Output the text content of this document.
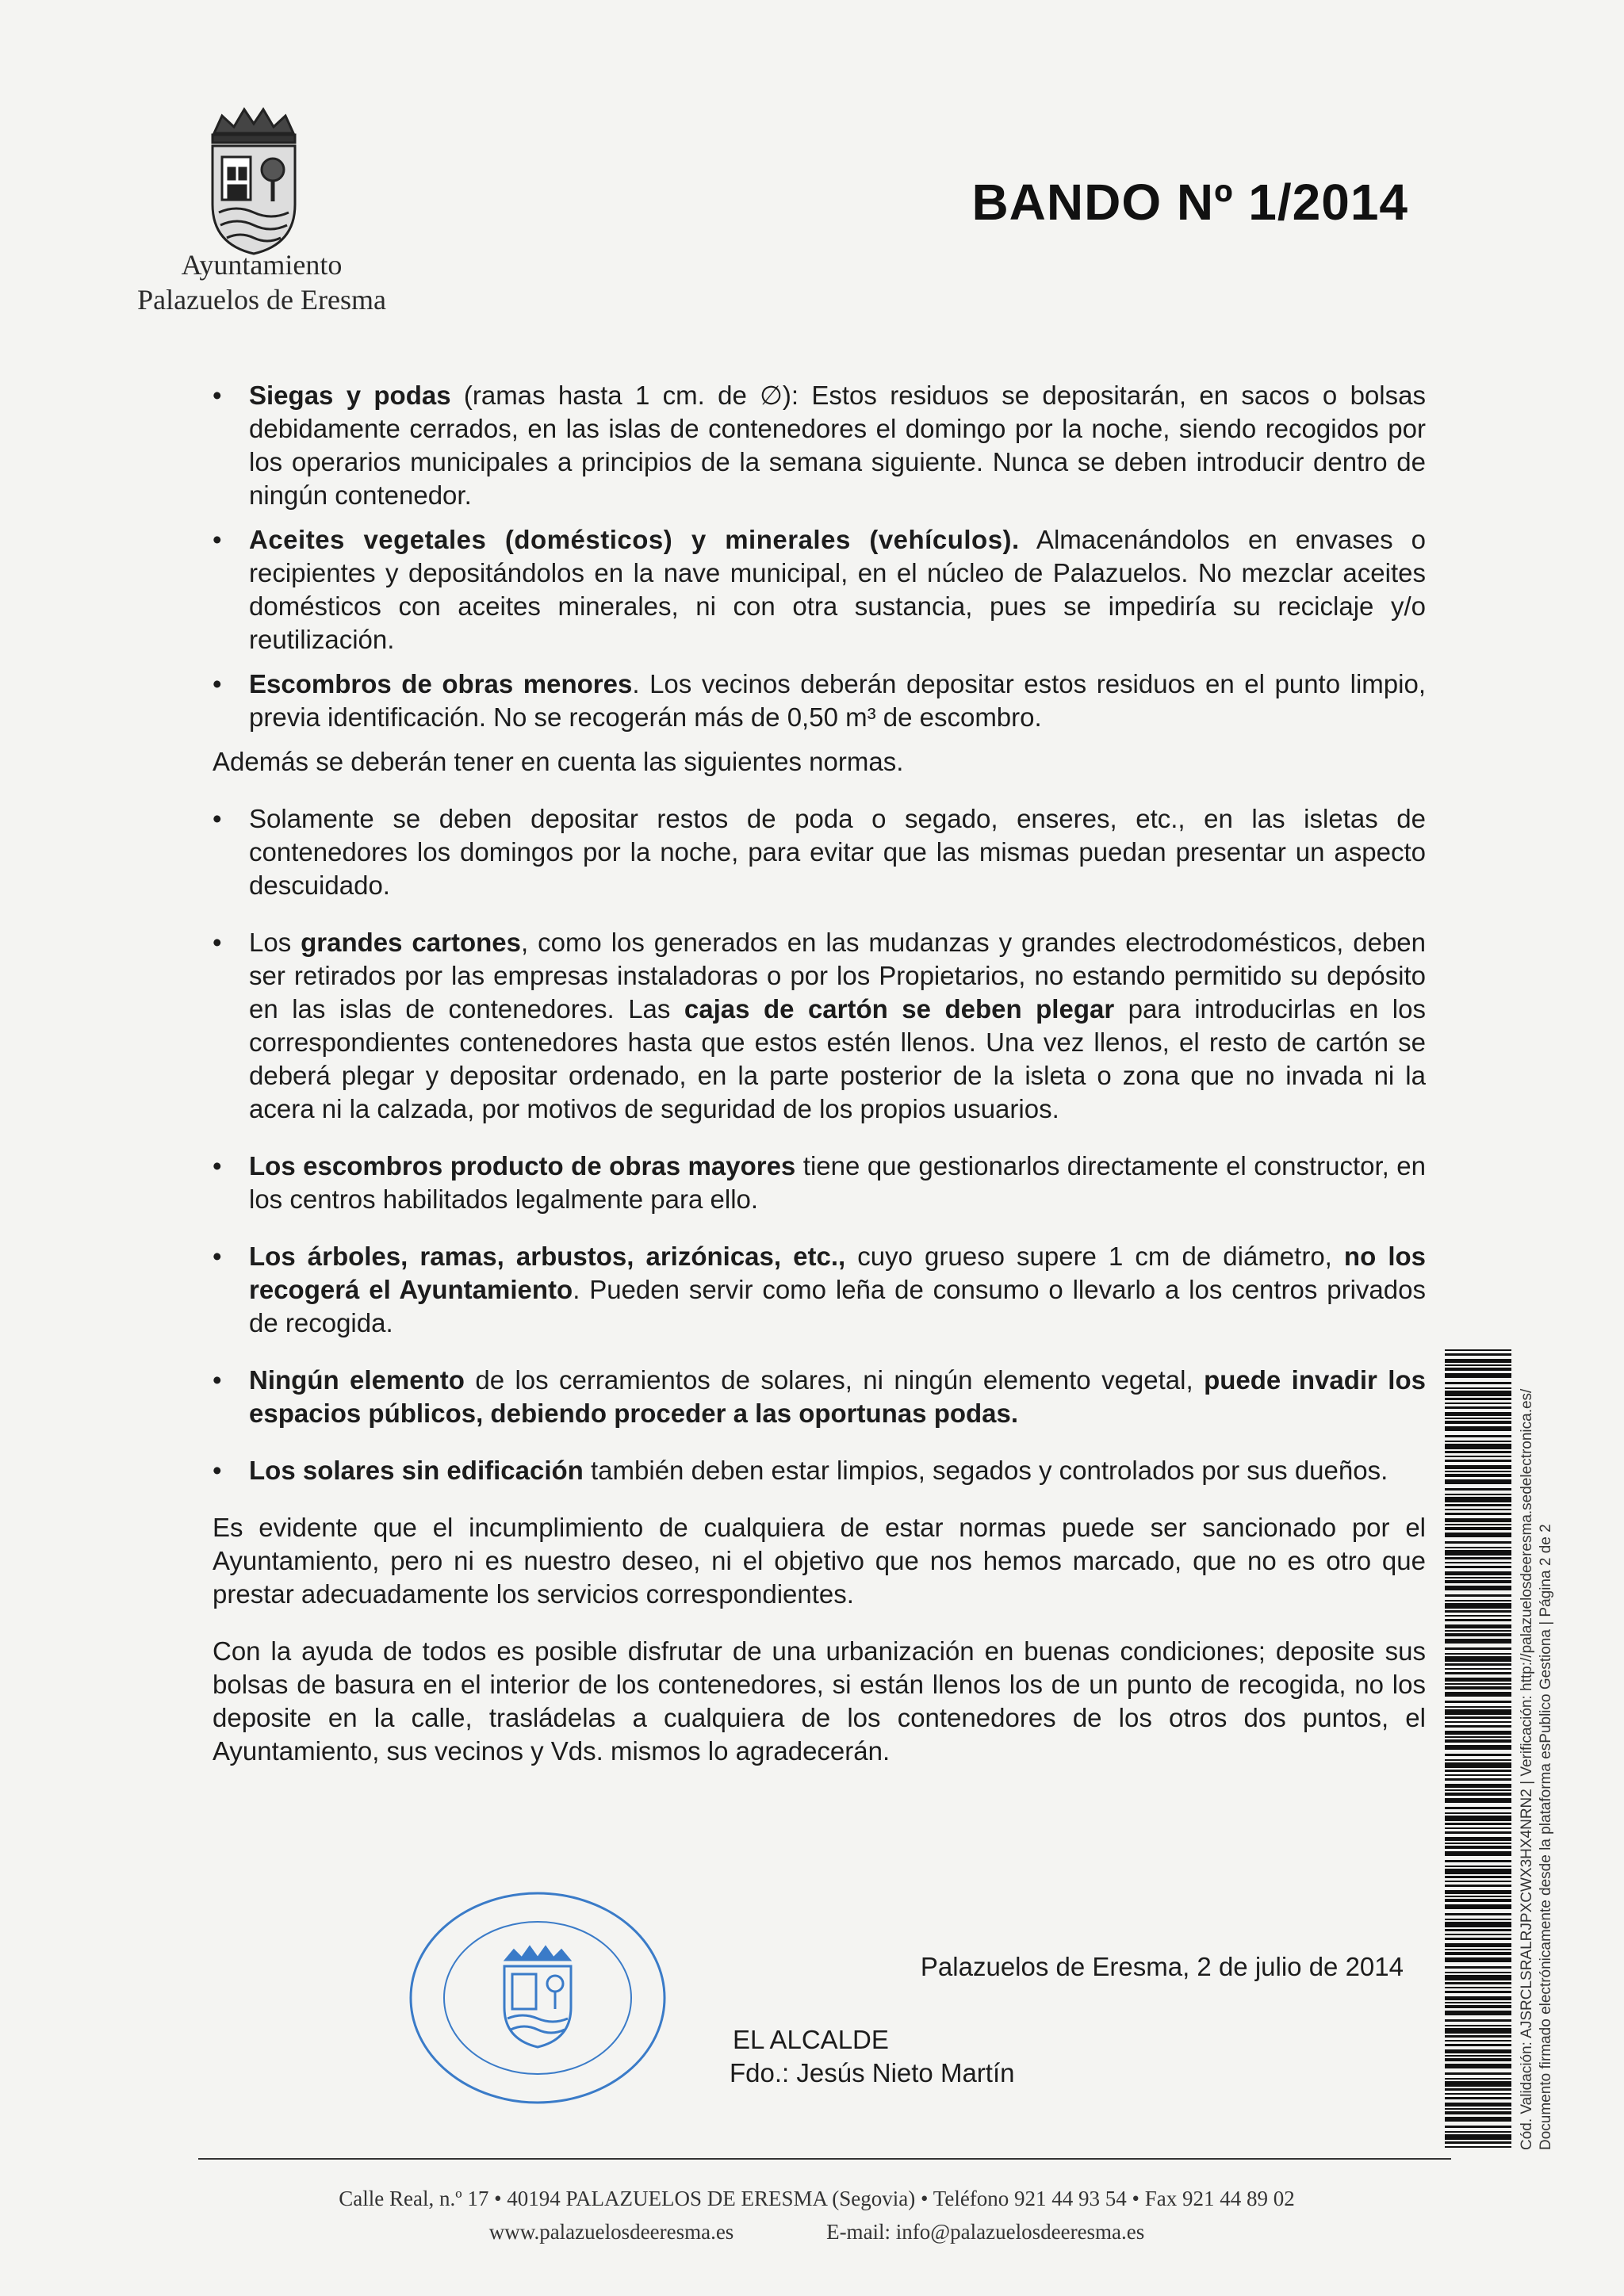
Ayuntamiento
Palazuelos de Eresma
BANDO Nº 1/2014
• Siegas y podas (ramas hasta 1 cm. de ∅): Estos residuos se depositarán, en sacos o bolsas debidamente cerrados, en las islas de contenedores el domingo por la noche, siendo recogidos por los operarios municipales a principios de la semana siguiente. Nunca se deben introducir dentro de ningún contenedor.
• Aceites vegetales (domésticos) y minerales (vehículos). Almacenándolos en envases o recipientes y depositándolos en la nave municipal, en el núcleo de Palazuelos. No mezclar aceites domésticos con aceites minerales, ni con otra sustancia, pues se impediría su reciclaje y/o reutilización.
• Escombros de obras menores. Los vecinos deberán depositar estos residuos en el punto limpio, previa identificación. No se recogerán más de 0,50 m³ de escombro.

Además se deberán tener en cuenta las siguientes normas.

• Solamente se deben depositar restos de poda o segado, enseres, etc., en las isletas de contenedores los domingos por la noche, para evitar que las mismas puedan presentar un aspecto descuidado.
• Los grandes cartones, como los generados en las mudanzas y grandes electrodomésticos, deben ser retirados por las empresas instaladoras o por los Propietarios, no estando permitido su depósito en las islas de contenedores. Las cajas de cartón se deben plegar para introducirlas en los correspondientes contenedores hasta que estos estén llenos. Una vez llenos, el resto de cartón se deberá plegar y depositar ordenado, en la parte posterior de la isleta o zona que no invada ni la acera ni la calzada, por motivos de seguridad de los propios usuarios.
• Los escombros producto de obras mayores tiene que gestionarlos directamente el constructor, en los centros habilitados legalmente para ello.
• Los árboles, ramas, arbustos, arizónicas, etc., cuyo grueso supere 1 cm de diámetro, no los recogerá el Ayuntamiento. Pueden servir como leña de consumo o llevarlo a los centros privados de recogida.
• Ningún elemento de los cerramientos de solares, ni ningún elemento vegetal, puede invadir los espacios públicos, debiendo proceder a las oportunas podas.
• Los solares sin edificación también deben estar limpios, segados y controlados por sus dueños.

Es evidente que el incumplimiento de cualquiera de estar normas puede ser sancionado por el Ayuntamiento, pero ni es nuestro deseo, ni el objetivo que nos hemos marcado, que no es otro que prestar adecuadamente los servicios correspondientes.

Con la ayuda de todos es posible disfrutar de una urbanización en buenas condiciones; deposite sus bolsas de basura en el interior de los contenedores, si están llenos los de un punto de recogida, no los deposite en la calle, trasládelas a cualquiera de los contenedores de los otros dos puntos, el Ayuntamiento, sus vecinos y Vds. mismos lo agradecerán.

Palazuelos de Eresma, 2 de julio de 2014
EL ALCALDE
Fdo.: Jesús Nieto Martín
Calle Real, n.º 17 • 40194 PALAZUELOS DE ERESMA (Segovia) • Teléfono 921 44 93 54 • Fax 921 44 89 02
www.palazuelosdeeresma.es	E-mail: info@palazuelosdeeresma.es
Cód. Validación: AJSRCLSRALRJPXCWX3HX4NRN2 | Verificación: http://palazuelosdeeresma.sedelectronica.es/ Documento firmado electrónicamente desde la plataforma esPublico Gestiona | Página 2 de 2
